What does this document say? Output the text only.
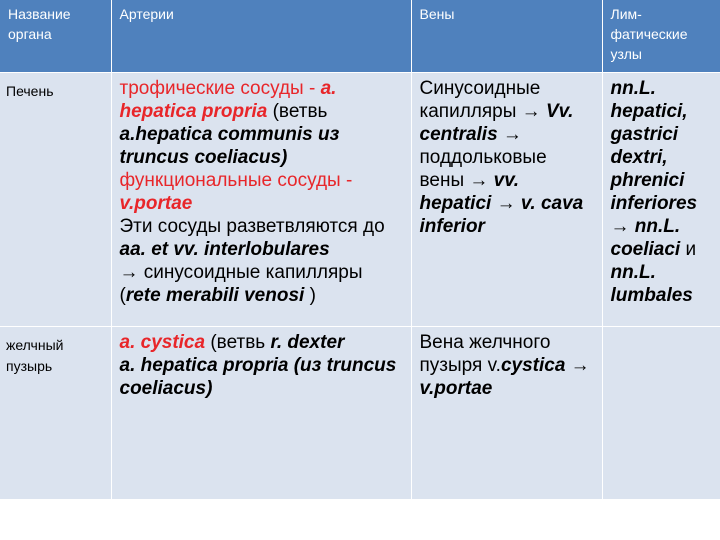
Название органа	Артерии	Вены	Лим-фатические узлы

Печень	трофические сосуды - a. hepatica propria (ветвь a.hepatica communis из truncus coeliacus)
функциональные сосуды - v.portae
Эти сосуды разветвляются до aa. et vv. interlobulares
→ синусоидные капилляры (rete merabili venosi )	Синусоидные капилляры → Vv. centralis → поддольковые вены → vv. hepatici → v. cava inferior	nn.L. hepatici, gastrici dextri, phrenici inferiores → nn.L. coeliaci и nn.L. lumbales

желчный пузырь	a. cystica (ветвь r. dexter
a. hepatica propria (из truncus coeliacus)	Вена желчного пузыря v.cystica → v.portae	
